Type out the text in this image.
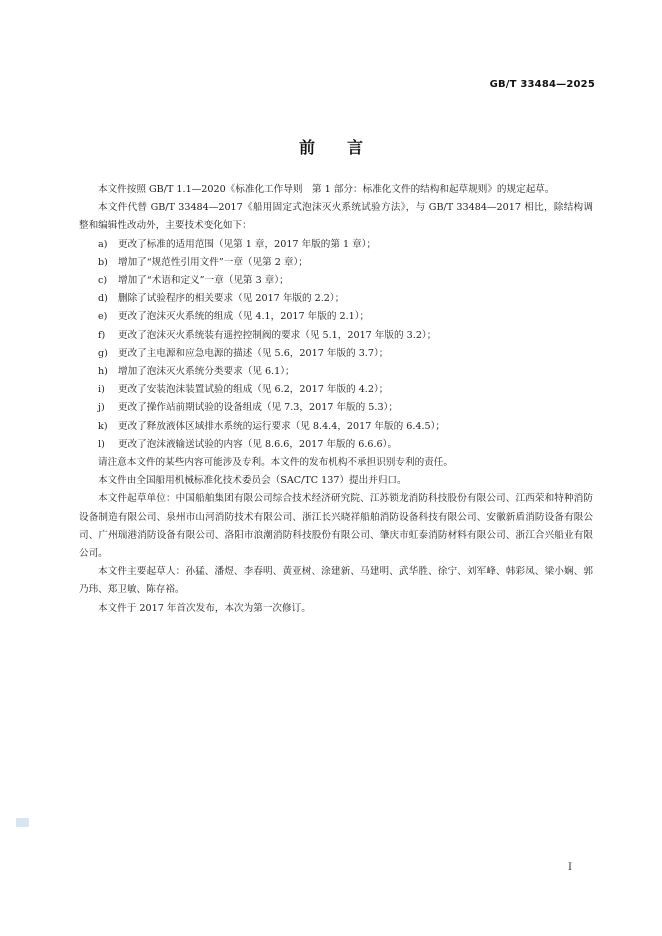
GB/T 33484—2025
前言

本文件按照 GB/T 1.1—2020《标准化工作导则　第 1 部分：标准化文件的结构和起草规则》的规定起草。

本文件代替 GB/T 33484—2017《船用固定式泡沫灭火系统试验方法》，与 GB/T 33484—2017 相比，除结构调整和编辑性改动外，主要技术变化如下：

a) 更改了标准的适用范围（见第 1 章，2017 年版的第 1 章）；
b) 增加了“规范性引用文件”一章（见第 2 章）；
c) 增加了“术语和定义”一章（见第 3 章）；
d) 删除了试验程序的相关要求（见 2017 年版的 2.2）；
e) 更改了泡沫灭火系统的组成（见 4.1，2017 年版的 2.1）；
f) 更改了泡沫灭火系统装有遥控控制阀的要求（见 5.1，2017 年版的 3.2）；
g) 更改了主电源和应急电源的描述（见 5.6，2017 年版的 3.7）；
h) 增加了泡沫灭火系统分类要求（见 6.1）；
i) 更改了安装泡沫装置试验的组成（见 6.2，2017 年版的 4.2）；
j) 更改了操作站前期试验的设备组成（见 7.3，2017 年版的 5.3）；
k) 更改了释放液体区域排水系统的运行要求（见 8.4.4，2017 年版的 6.4.5）；
l) 更改了泡沫液输送试验的内容（见 8.6.6，2017 年版的 6.6.6）。

请注意本文件的某些内容可能涉及专利。本文件的发布机构不承担识别专利的责任。

本文件由全国船用机械标准化技术委员会（SAC/TC 137）提出并归口。

本文件起草单位：中国船舶集团有限公司综合技术经济研究院、江苏锁龙消防科技股份有限公司、江西荣和特种消防设备制造有限公司、泉州市山河消防技术有限公司、浙江长兴晓祥船舶消防设备科技有限公司、安徽新盾消防设备有限公司、广州瑞港消防设备有限公司、洛阳市浪潮消防科技股份有限公司、肇庆市虹泰消防材料有限公司、浙江合兴船业有限公司。

本文件主要起草人：孙猛、潘煜、李春明、黄亚树、涂建新、马建明、武华胜、徐宁、刘军峰、韩彩凤、梁小娴、郭乃玮、郑卫敏、陈存裕。

本文件于 2017 年首次发布，本次为第一次修订。

I
